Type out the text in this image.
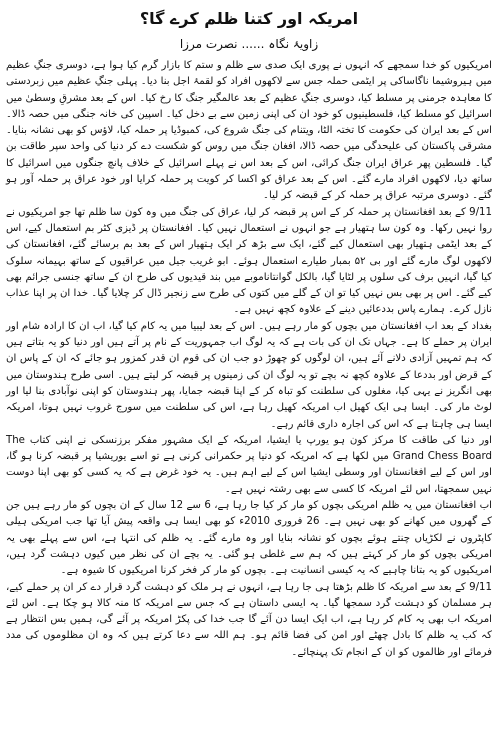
امریکہ اور کتنا ظلم کرے گا؟
زاویۂ نگاہ......نصرت مرزا

امریکیوں کو خدا سمجھے کہ انہوں نے پوری ایک صدی سے ظلم و ستم کا بازار گرم کیا ہوا ہے، دوسری جنگِ عظیم میں ہیروشیما ناگاساکی پر ایٹمی حملہ جس سے لاکھوں افراد کو لقمۂ اجل بنا دیا۔ پہلی جنگِ عظیم میں زبردستی کا معاہدہ جرمنی پر مسلط کیا، دوسری جنگِ عظیم کے بعد عالمگیر جنگ کا رخ کیا۔ اس کے بعد مشرقِ وسطیٰ میں اسرائیل کو مسلط کیا، فلسطینیوں کو خود ان کی اپنی زمین سے بے دخل کیا۔ اسپین کی خانہ جنگی میں حصہ ڈالا۔ اس کے بعد ایران کی حکومت کا تختہ الٹا، ویتنام کی جنگ شروع کی، کمبوڈیا پر حملہ کیا، لاؤس کو بھی نشانہ بنایا۔ مشرقی پاکستان کی علیحدگی میں حصہ ڈالا، افغان جنگ میں روس کو شکست دے کر دنیا کی واحد سپر طاقت بن گیا۔ فلسطین پھر عراق ایران جنگ کرائی، اس کے بعد اس نے پہلے اسرائیل کے خلاف پانچ جنگوں میں اسرائیل کا ساتھ دیا، لاکھوں افراد مارے گئے۔ اس کے بعد عراق کو اکسا کر کویت پر حملہ کرایا اور خود عراق پر حملہ آور ہو گئے۔ دوسری مرتبہ عراق پر حملہ کر کے قبضہ کر لیا۔

9/11 کے بعد افغانستان پر حملہ کر کے اس پر قبضہ کر لیا، عراق کی جنگ میں وہ کون سا ظلم تھا جو امریکیوں نے روا نہیں رکھا۔ وہ کون سا ہتھیار ہے جو انہوں نے استعمال نہیں کیا۔ افغانستان پر ڈیزی کٹر بم استعمال کیے، اس کے بعد ایٹمی ہتھیار بھی استعمال کیے گئے، ایک سے بڑھ کر ایک ہتھیار اس کے بعد بم برسائے گئے، افغانستان کی لاکھوں لوگ مارے گئے اور بی ۵۲ بمبار طیارے استعمال ہوئے۔ ابو غریب جیل میں عراقیوں کے ساتھ بہیمانہ سلوک کیا گیا، انہیں برف کی سلوں پر لٹایا گیا، بالکل گوانتاناموبے میں بند قیدیوں کی طرح ان کے ساتھ جنسی جرائم بھی کیے گئے۔ اس پر بھی بس نہیں کیا تو ان کے گلے میں کتوں کی طرح سے زنجیر ڈال کر چلایا گیا۔ خدا ان پر اپنا عذاب نازل کرے۔ ہمارے پاس بددعائیں دینے کے علاوہ کچھ نہیں ہے۔

بغداد کے بعد اب افغانستان میں بچوں کو مار رہے ہیں۔ اس کے بعد لیبیا میں یہ کام کیا گیا، اب ان کا ارادہ شام اور ایران پر حملے کا ہے۔ جہاں تک ان کی بات ہے کہ یہ لوگ اب جمہوریت کے نام پر آتے ہیں اور دنیا کو یہ بتاتے ہیں کہ ہم تمہیں آزادی دلانے آئے ہیں، ان لوگوں کو چھوڑ دو جب ان کی قوم ان قدر کمزور ہو جائے کہ ان کے پاس ان کے قرض اور بددعا کے علاوہ کچھ نہ بچے تو یہ لوگ ان کی زمینوں پر قبضہ کر لیتے ہیں۔ اسی طرح ہندوستان میں بھی انگریز نے یہی کیا، مغلوں کی سلطنت کو تباہ کر کے اپنا قبضہ جمایا، پھر ہندوستان کو اپنی نوآبادی بنا لیا اور لوٹ مار کی۔ ایسا ہی ایک کھیل اب امریکہ کھیل رہا ہے، اس کی سلطنت میں سورج غروب نہیں ہوتا، امریکہ ایسا ہی چاہتا ہے کہ اس کی اجارہ داری قائم رہے۔

اور دنیا کی طاقت کا مرکز کون ہو یورپ یا ایشیا، امریکہ کے ایک مشہور مفکر برزنسکی نے اپنی کتاب The Grand Chess Board میں لکھا ہے کہ امریکہ کو دنیا پر حکمرانی کرنی ہے تو اسے یوریشیا پر قبضہ کرنا ہو گا، اور اس کے لیے افغانستان اور وسطی ایشیا اس کے لیے اہم ہیں۔ یہ خود غرض ہے کہ یہ کسی کو بھی اپنا دوست نہیں سمجھتا، اس لئے امریکہ کا کسی سے بھی رشتہ نہیں ہے۔

اب افغانستان میں یہ ظلم امریکی بچوں کو مار کر کیا جا رہا ہے، 6 سے 12 سال کے ان بچوں کو مار رہے ہیں جن کے گھروں میں کھانے کو بھی نہیں ہے۔ 26 فروری 2010ء کو بھی ایسا ہی واقعہ پیش آیا تھا جب امریکی ہیلی کاپٹروں نے لکڑیاں چنتے ہوئے بچوں کو نشانہ بنایا اور وہ مارے گئے۔ یہ ظلم کی انتہا ہے، اس سے پہلے بھی یہ امریکی بچوں کو مار کر کہتے ہیں کہ ہم سے غلطی ہو گئی۔ یہ بچے ان کی نظر میں کیوں دہشت گرد ہیں، امریکیوں کو یہ بتانا چاہیے کہ یہ کیسی انسانیت ہے۔ بچوں کو مار کر فخر کرنا امریکیوں کا شیوہ ہے۔

9/11 کے بعد سے امریکہ کا ظلم بڑھتا ہی جا رہا ہے، انہوں نے ہر ملک کو دہشت گرد قرار دے کر ان پر حملے کیے، ہر مسلمان کو دہشت گرد سمجھا گیا۔ یہ ایسی داستان ہے کہ جس سے امریکہ کا منہ کالا ہو چکا ہے۔ اس لئے امریکہ اب بھی یہ کام کر رہا ہے، اب ایک ایسا دن آئے گا جب خدا کی پکڑ امریکہ پر آئے گی، ہمیں بس انتظار ہے کہ کب یہ ظلم کا بادل چھٹے اور امن کی فضا قائم ہو۔ ہم اللہ سے دعا کرتے ہیں کہ وہ ان مظلوموں کی مدد فرمائے اور ظالموں کو ان کے انجام تک پہنچائے۔
